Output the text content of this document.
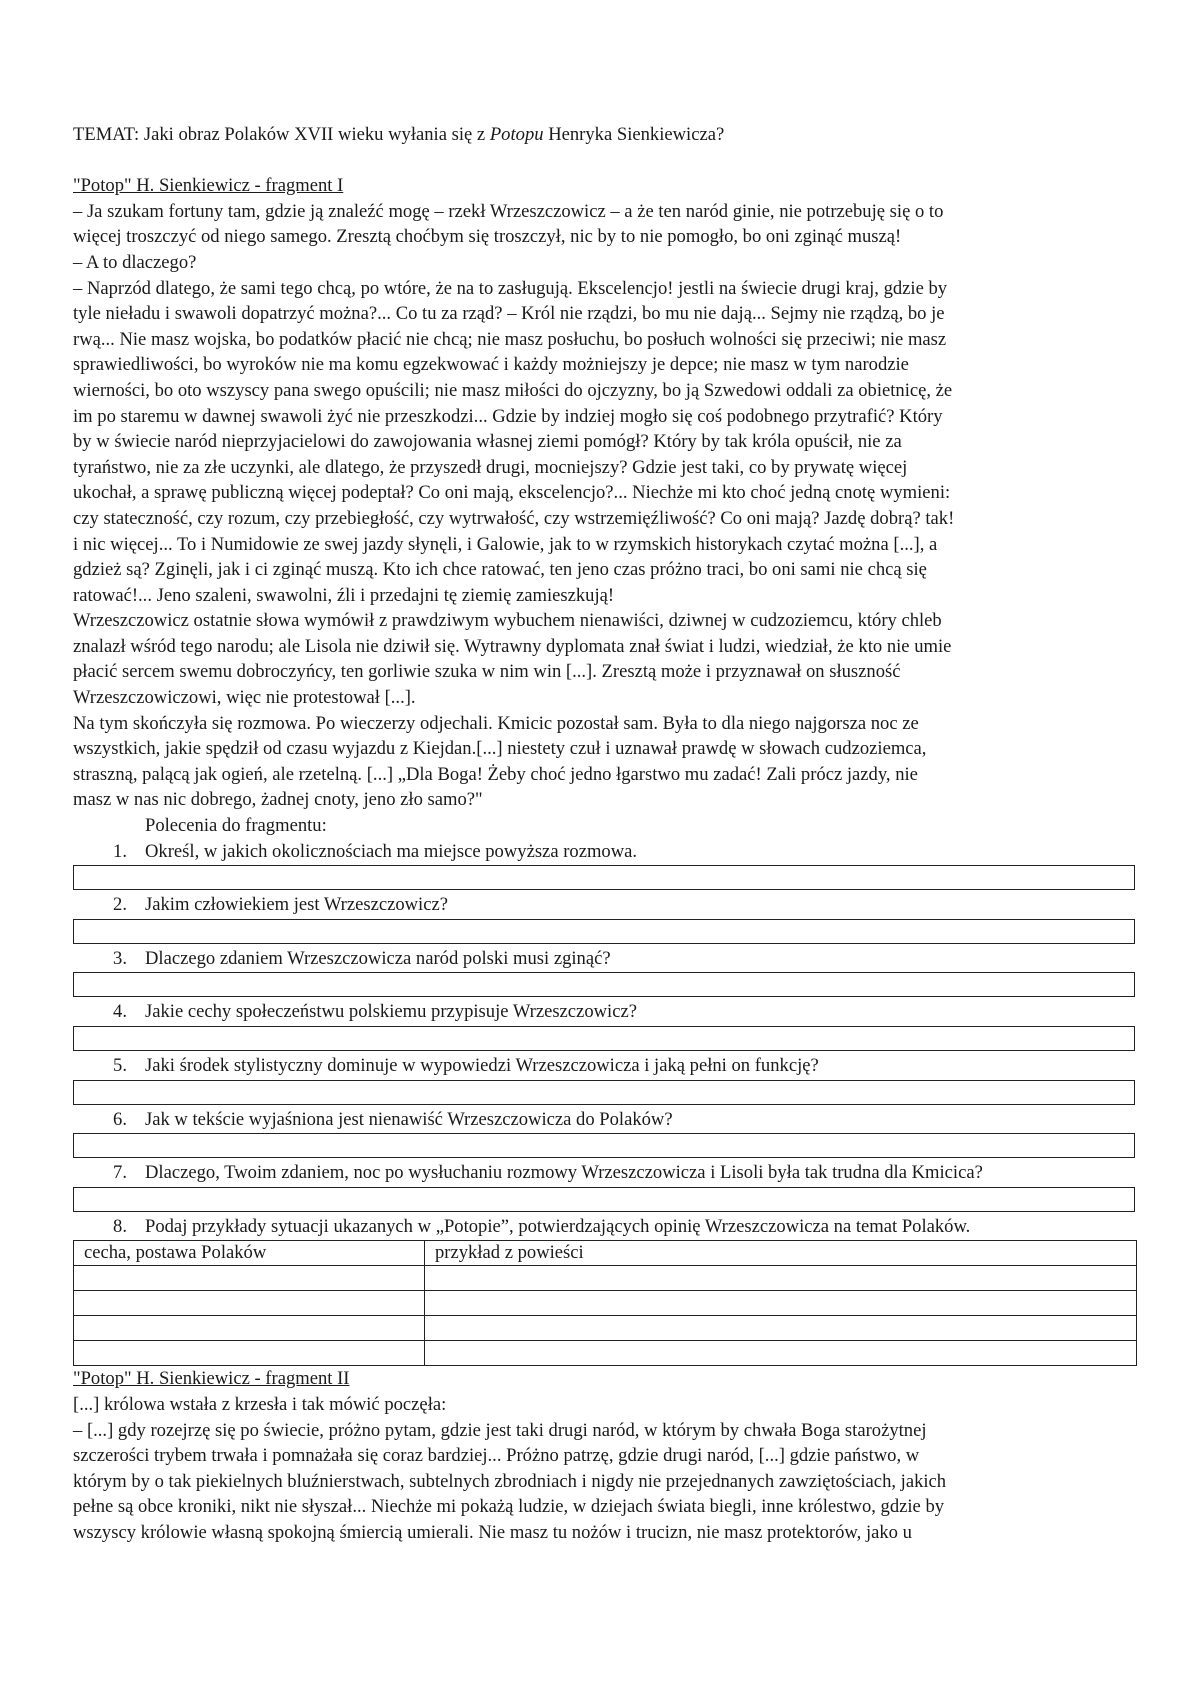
TEMAT: Jaki obraz Polaków XVII wieku wyłania się z Potopu Henryka Sienkiewicza?

"Potop" H. Sienkiewicz - fragment I

– Ja szukam fortuny tam, gdzie ją znaleźć mogę – rzekł Wrzeszczowicz – a że ten naród ginie, nie potrzebuję się o to

więcej troszczyć od niego samego. Zresztą choćbym się troszczył, nic by to nie pomogło, bo oni zginąć muszą!

– A to dlaczego?

– Naprzód dlatego, że sami tego chcą, po wtóre, że na to zasługują. Ekscelencjo! jestli na świecie drugi kraj, gdzie by

tyle nieładu i swawoli dopatrzyć można?... Co tu za rząd? – Król nie rządzi, bo mu nie dają... Sejmy nie rządzą, bo je

rwą... Nie masz wojska, bo podatków płacić nie chcą; nie masz posłuchu, bo posłuch wolności się przeciwi; nie masz

sprawiedliwości, bo wyroków nie ma komu egzekwować i każdy możniejszy je depce; nie masz w tym narodzie

wierności, bo oto wszyscy pana swego opuścili; nie masz miłości do ojczyzny, bo ją Szwedowi oddali za obietnicę, że

im po staremu w dawnej swawoli żyć nie przeszkodzi... Gdzie by indziej mogło się coś podobnego przytrafić? Który

by w świecie naród nieprzyjacielowi do zawojowania własnej ziemi pomógł? Który by tak króla opuścił, nie za

tyraństwo, nie za złe uczynki, ale dlatego, że przyszedł drugi, mocniejszy? Gdzie jest taki, co by prywatę więcej

ukochał, a sprawę publiczną więcej podeptał? Co oni mają, ekscelencjo?... Niechże mi kto choć jedną cnotę wymieni:

czy stateczność, czy rozum, czy przebiegłość, czy wytrwałość, czy wstrzemięźliwość? Co oni mają? Jazdę dobrą? tak!

i nic więcej... To i Numidowie ze swej jazdy słynęli, i Galowie, jak to w rzymskich historykach czytać można [...], a

gdzież są? Zginęli, jak i ci zginąć muszą. Kto ich chce ratować, ten jeno czas próżno traci, bo oni sami nie chcą się

ratować!... Jeno szaleni, swawolni, źli i przedajni tę ziemię zamieszkują!

Wrzeszczowicz ostatnie słowa wymówił z prawdziwym wybuchem nienawiści, dziwnej w cudzoziemcu, który chleb

znalazł wśród tego narodu; ale Lisola nie dziwił się. Wytrawny dyplomata znał świat i ludzi, wiedział, że kto nie umie

płacić sercem swemu dobroczyńcy, ten gorliwie szuka w nim win [...]. Zresztą może i przyznawał on słuszność

Wrzeszczowiczowi, więc nie protestował [...].

Na tym skończyła się rozmowa. Po wieczerzy odjechali. Kmicic pozostał sam. Była to dla niego najgorsza noc ze

wszystkich, jakie spędził od czasu wyjazdu z Kiejdan.[...] niestety czuł i uznawał prawdę w słowach cudzoziemca,

straszną, palącą jak ogień, ale rzetelną. [...] „Dla Boga! Żeby choć jedno łgarstwo mu zadać! Zali prócz jazdy, nie

masz w nas nic dobrego, żadnej cnoty, jeno zło samo?"

Polecenia do fragmentu:

1. Określ, w jakich okolicznościach ma miejsce powyższa rozmowa.
2. Jakim człowiekiem jest Wrzeszczowicz?
3. Dlaczego zdaniem Wrzeszczowicza naród polski musi zginąć?
4. Jakie cechy społeczeństwu polskiemu przypisuje Wrzeszczowicz?
5. Jaki środek stylistyczny dominuje w wypowiedzi Wrzeszczowicza i jaką pełni on funkcję?
6. Jak w tekście wyjaśniona jest nienawiść Wrzeszczowicza do Polaków?
7. Dlaczego, Twoim zdaniem, noc po wysłuchaniu rozmowy Wrzeszczowicza i Lisoli była tak trudna dla Kmicica?
8. Podaj przykłady sytuacji ukazanych w „Potopie”, potwierdzających opinię Wrzeszczowicza na temat Polaków.
cecha, postawa Polaków	przykład z powieści

"Potop" H. Sienkiewicz - fragment II

[...] królowa wstała z krzesła i tak mówić poczęła:

– [...] gdy rozejrzę się po świecie, próżno pytam, gdzie jest taki drugi naród, w którym by chwała Boga starożytnej

szczerości trybem trwała i pomnażała się coraz bardziej... Próżno patrzę, gdzie drugi naród, [...] gdzie państwo, w

którym by o tak piekielnych bluźnierstwach, subtelnych zbrodniach i nigdy nie przejednanych zawziętościach, jakich

pełne są obce kroniki, nikt nie słyszał... Niechże mi pokażą ludzie, w dziejach świata biegli, inne królestwo, gdzie by

wszyscy królowie własną spokojną śmiercią umierali. Nie masz tu nożów i trucizn, nie masz protektorów, jako u
